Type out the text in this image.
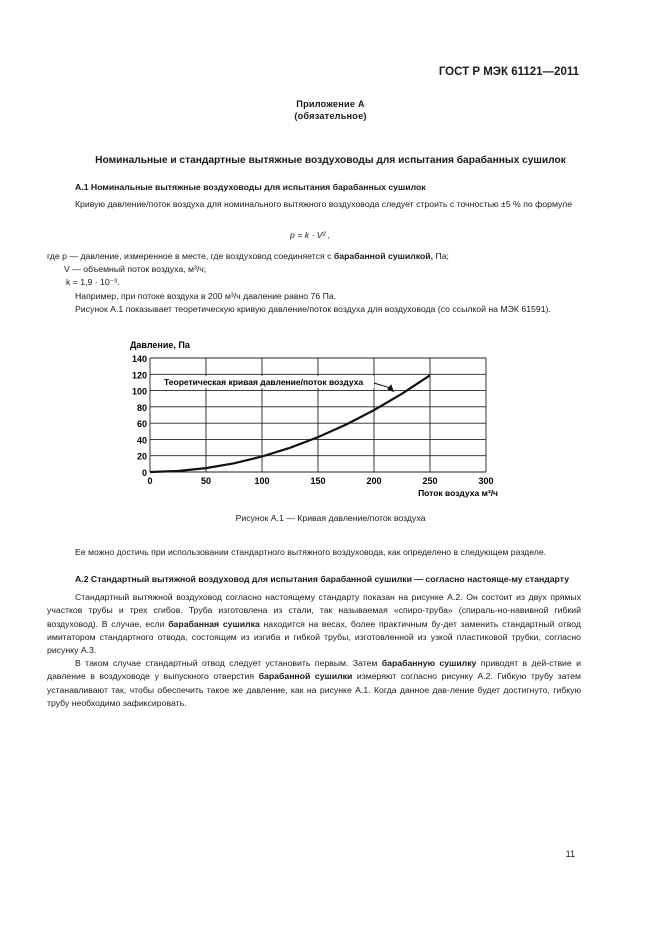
ГОСТ Р МЭК 61121—2011
Приложение А
(обязательное)
Номинальные и стандартные вытяжные воздуховоды для испытания барабанных сушилок

А.1 Номинальные вытяжные воздуховоды для испытания барабанных сушилок

Кривую давление/поток воздуха для номинального вытяжного воздуховода следует строить с точностью ±5 % по формуле

p = k · V² ,

где p — давление, измеренное в месте, где воздуховод соединяется с барабанной сушилкой, Па;

V — объемный поток воздуха, м³/ч;

k = 1,9 · 10⁻³.

Например, при потоке воздуха в 200 м³/ч давление равно 76 Па.

Рисунок А.1 показывает теоретическую кривую давление/поток воздуха для воздуховода (со ссылкой на МЭК 61591).

0
20
40
60
80
100
120
140
0	50	100	150	200	250	300
Давление, Па
Поток воздуха м³/ч
Теоретическая кривая давление/поток воздуха
Рисунок А.1 — Кривая давление/поток воздуха

Ее можно достичь при использовании стандартного вытяжного воздуховода, как определено в следующем разделе.

А.2 Стандартный вытяжной воздуховод для испытания барабанной сушилки — согласно настояще-му стандарту

Стандартный вытяжной воздуховод согласно настоящему стандарту показан на рисунке А.2. Он состоит из двух прямых участков трубы и трех сгибов. Труба изготовлена из стали, так называемая «спиро-труба» (спираль-но-навивной гибкий воздуховод). В случае, если барабанная сушилка находится на весах, более практичным бу-дет заменить стандартный отвод имитатором стандартного отвода, состоящим из изгиба и гибкой трубы, изготовленной из узкой пластиковой трубки, согласно рисунку А.3.

В таком случае стандартный отвод следует установить первым. Затем барабанную сушилку приводят в дей-ствие и давление в воздуховоде у выпускного отверстия барабанной сушилки измеряют согласно рисунку А.2. Гибкую трубу затем устанавливают так, чтобы обеспечить такое же давление, как на рисунке А.1. Когда данное дав-ление будет достигнуто, гибкую трубу необходимо зафиксировать.

11
